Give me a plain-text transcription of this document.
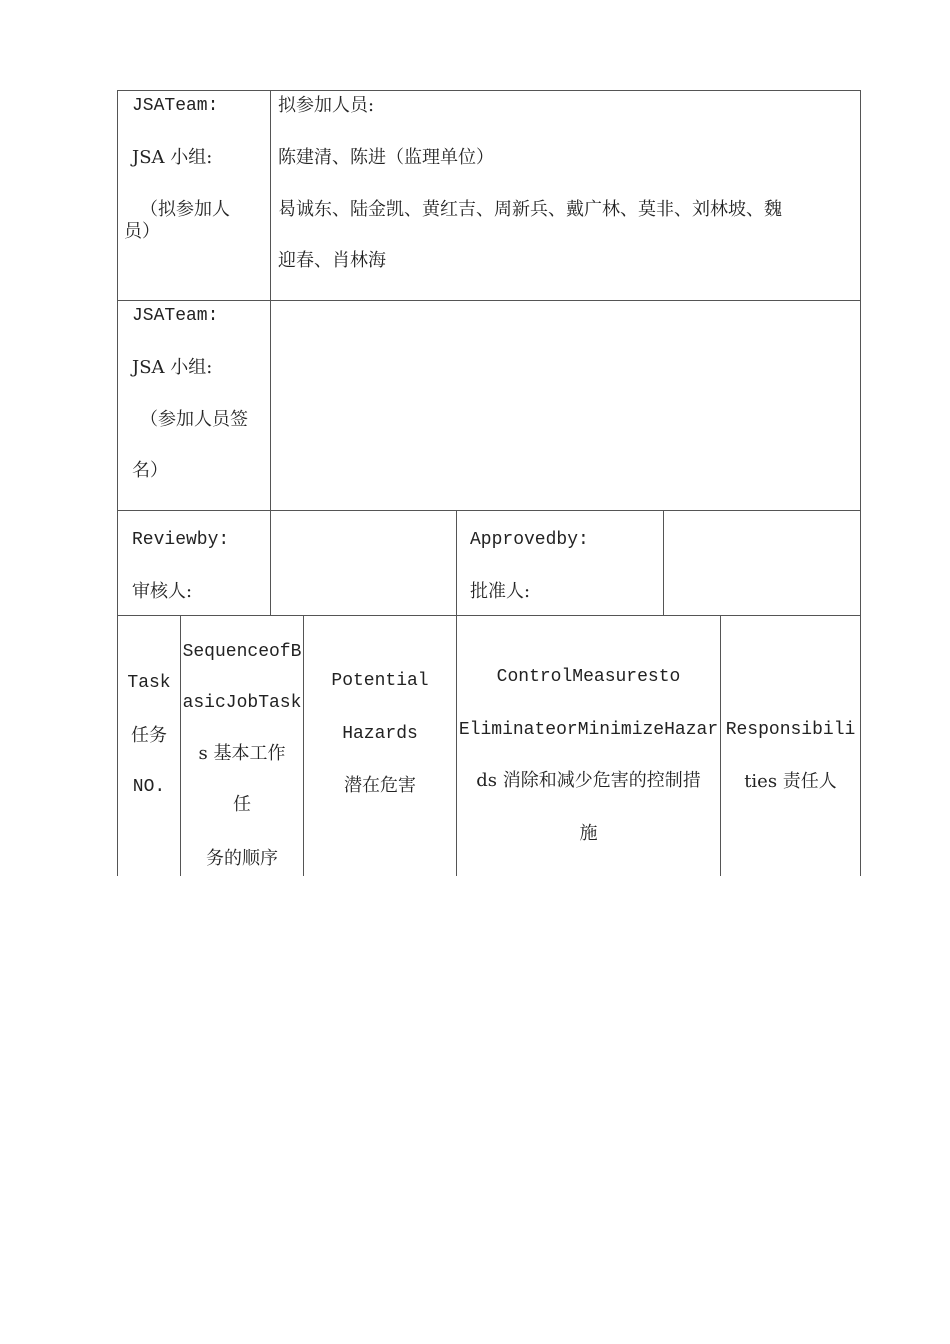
JSATeam:
JSA 小组:
（拟参加人
员）
拟参加人员:
陈建清、陈进（监理单位）
曷诚东、陆金凯、黄红吉、周新兵、戴广林、莫非、刘林坡、魏
迎春、肖林海
JSATeam:
JSA 小组:
（参加人员签
名）
Reviewby:
审核人:
Approvedby:
批准人:
Task
任务
NO.
SequenceofB
asicJobTask
s 基本工作
任
务的顺序
Potential
Hazards
潜在危害
ControlMeasuresto
EliminateorMinimizeHazar
ds 消除和减少危害的控制措
施
Responsibili
ties 责任人
